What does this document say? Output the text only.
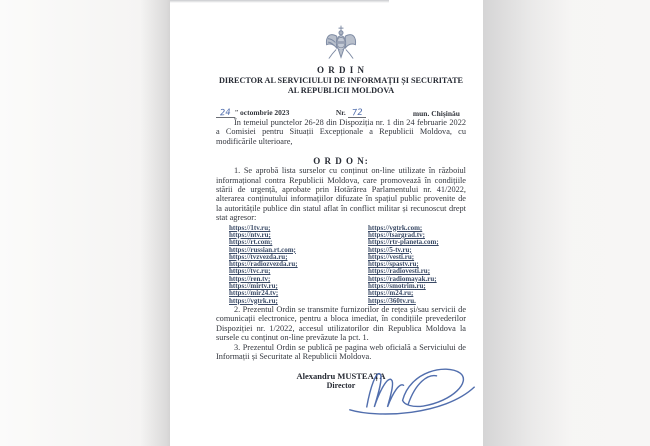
O R D I N
DIRECTOR AL SERVICIULUI DE INFORMAȚII ȘI SECURITATE
AL REPUBLICII MOLDOVA
24 ” octombrie 2023	Nr. 72	mun. Chișinău

În temeiul punctelor 26-28 din Dispoziția nr. 1 din 24 februarie 2022 a Comisiei pentru Situații Excepționale a Republicii Moldova, cu modificările ulterioare,

O R D O N:

1. Se aprobă lista surselor cu conținut on-line utilizate în războiul informațional contra Republicii Moldova, care promovează în condițiile stării de urgență, aprobate prin Hotărârea Parlamentului nr. 41/2022, alterarea conținutului informațiilor difuzate în spațiul public provenite de la autoritățile publice din statul aflat în conflict militar și recunoscut drept stat agresor:

https://1tv.ru;
https://ntv.ru;
https://rt.com;
https://russian.rt.com;
https://tvzvezda.ru;
https://radiozvezda.ru;
https://tvc.ru;
https://ren.tv;
https://mirtv.ru;
https://mir24.tv;
https://vgtrk.ru;
https://vgtrk.com;
https://tsargrad.tv;
https://rtr-planeta.com;
https://5-tv.ru;
https://vesti.ru;
https://spastv.ru;
https://radiovesti.ru;
https://radiomayak.ru;
https://smotrim.ru;
https://m24.ru;
https://360tv.ru.

2. Prezentul Ordin se transmite furnizorilor de rețea și/sau servicii de comunicații electronice, pentru a bloca imediat, în condițiile prevederilor Dispoziției nr. 1/2022, accesul utilizatorilor din Republica Moldova la sursele cu conținut on-line prevăzute la pct. 1.

3. Prezentul Ordin se publică pe pagina web oficială a Serviciului de Informații și Securitate al Republicii Moldova.

Alexandru MUSTEAȚA
Director
